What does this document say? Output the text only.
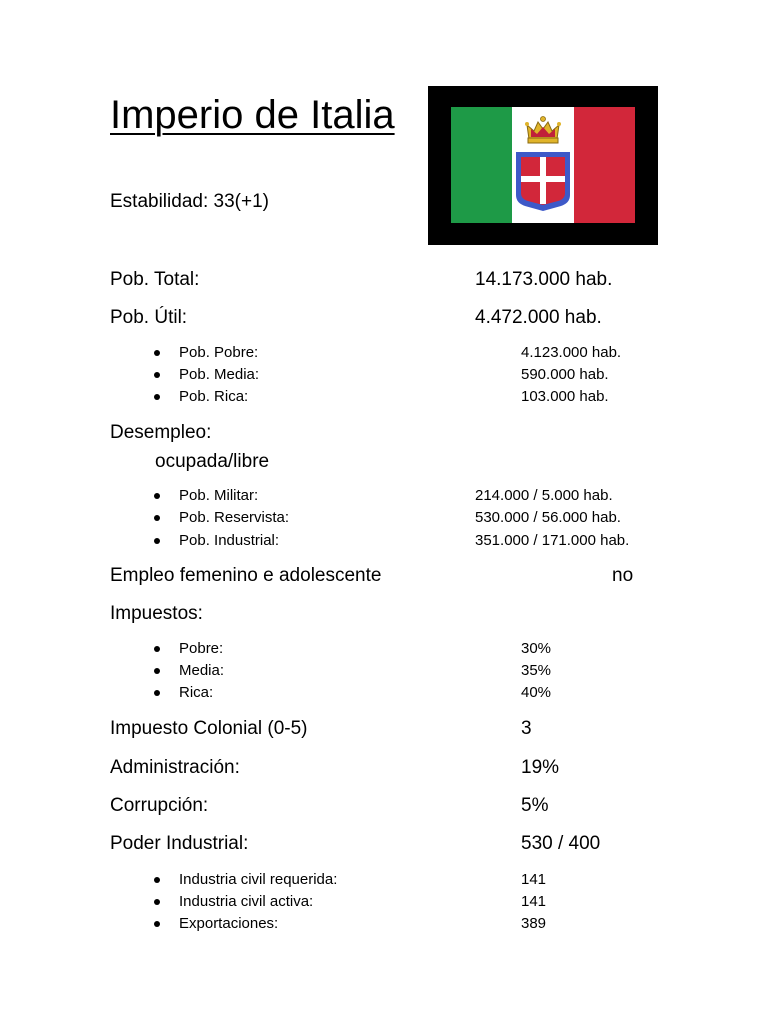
Imperio de Italia
Estabilidad: 33(+1)
Pob. Total:	14.173.000 hab.
Pob. Útil:	4.472.000 hab.
Pob. Pobre:	4.123.000 hab.
Pob. Media:	590.000 hab.
Pob. Rica:	103.000 hab.
Desempleo:
ocupada/libre
Pob. Militar:	214.000 / 5.000 hab.
Pob. Reservista:	530.000 / 56.000 hab.
Pob. Industrial:	351.000 / 171.000 hab.
Empleo femenino e adolescente	no
Impuestos:
Pobre:	30%
Media:	35%
Rica:	40%
Impuesto Colonial (0-5)	3
Administración:	19%
Corrupción:	5%
Poder Industrial:	530 / 400
Industria civil requerida:	141
Industria civil activa:	141
Exportaciones:	389
